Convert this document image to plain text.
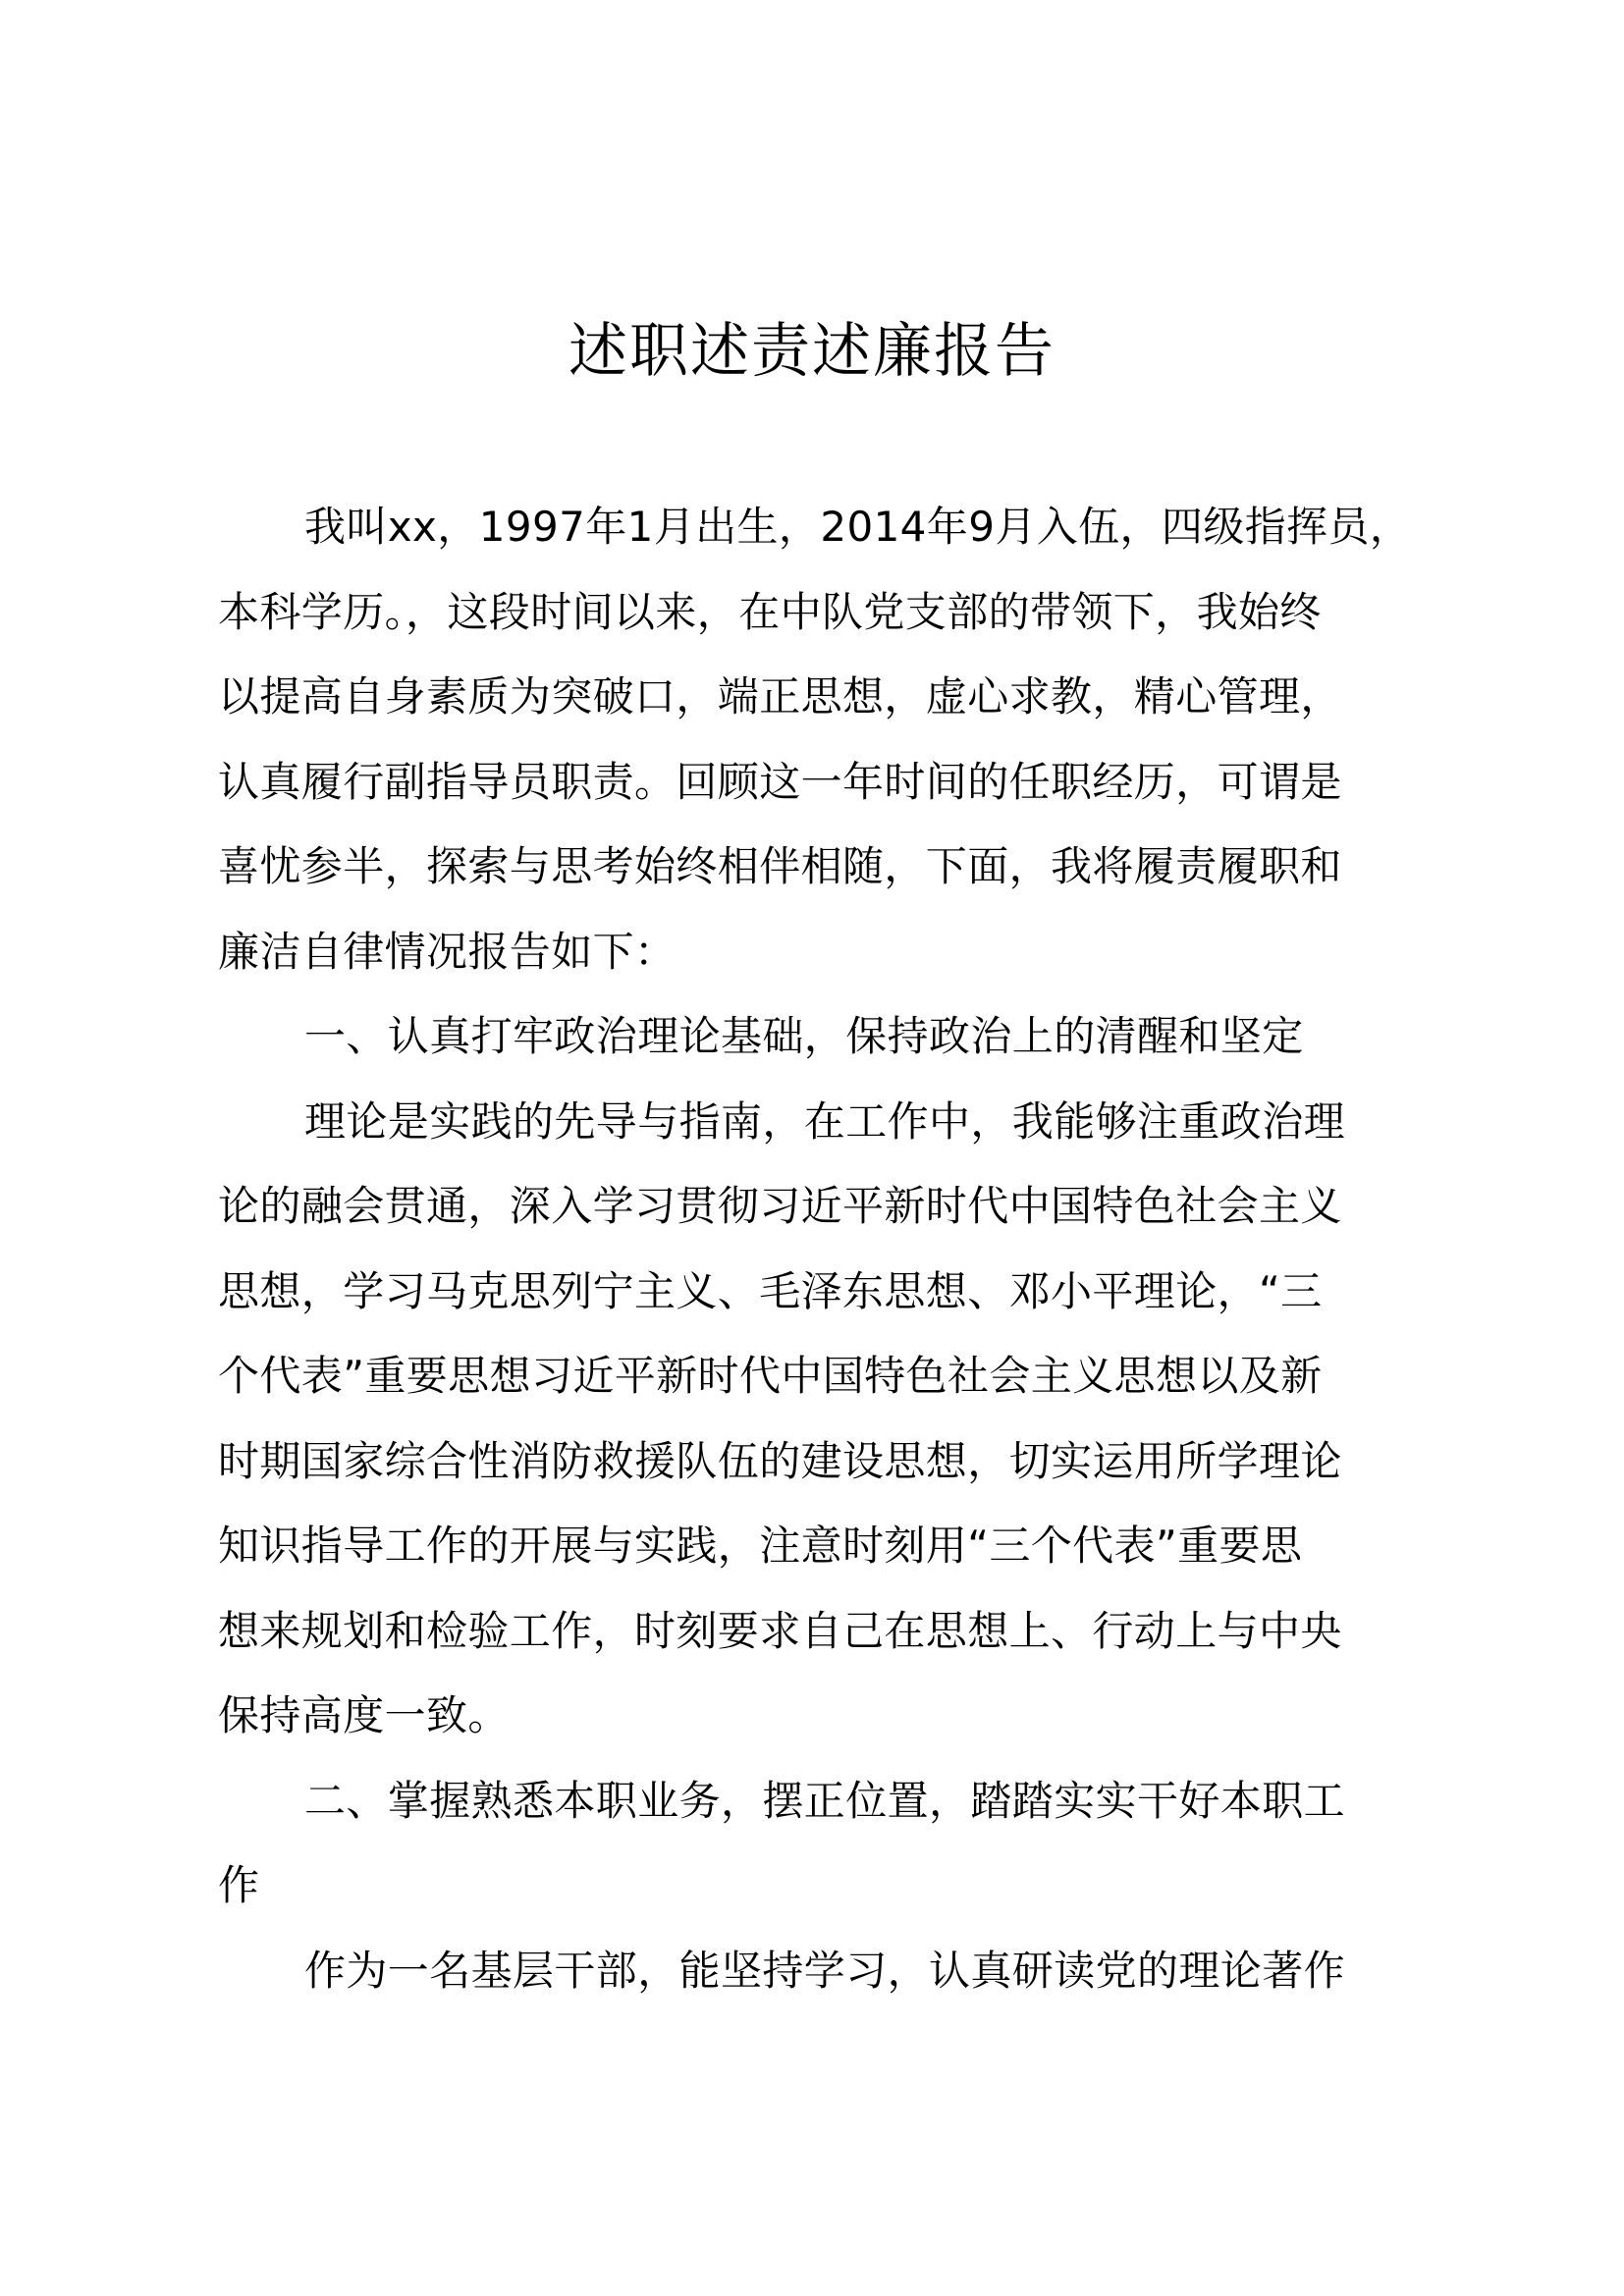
述职述责述廉报告
我叫xx，1997年1月出生，2014年9月入伍，四级指挥员，
本科学历。，这段时间以来，在中队党支部的带领下，我始终
以提高自身素质为突破口，端正思想，虚心求教，精心管理，
认真履行副指导员职责。回顾这一年时间的任职经历，可谓是
喜忧参半，探索与思考始终相伴相随，下面，我将履责履职和
廉洁自律情况报告如下：
一、认真打牢政治理论基础，保持政治上的清醒和坚定
理论是实践的先导与指南，在工作中，我能够注重政治理
论的融会贯通，深入学习贯彻习近平新时代中国特色社会主义
思想，学习马克思列宁主义、毛泽东思想、邓小平理论，“三
个代表”重要思想习近平新时代中国特色社会主义思想以及新
时期国家综合性消防救援队伍的建设思想，切实运用所学理论
知识指导工作的开展与实践，注意时刻用“三个代表”重要思
想来规划和检验工作，时刻要求自己在思想上、行动上与中央
保持高度一致。
二、掌握熟悉本职业务，摆正位置，踏踏实实干好本职工
作
作为一名基层干部，能坚持学习，认真研读党的理论著作
